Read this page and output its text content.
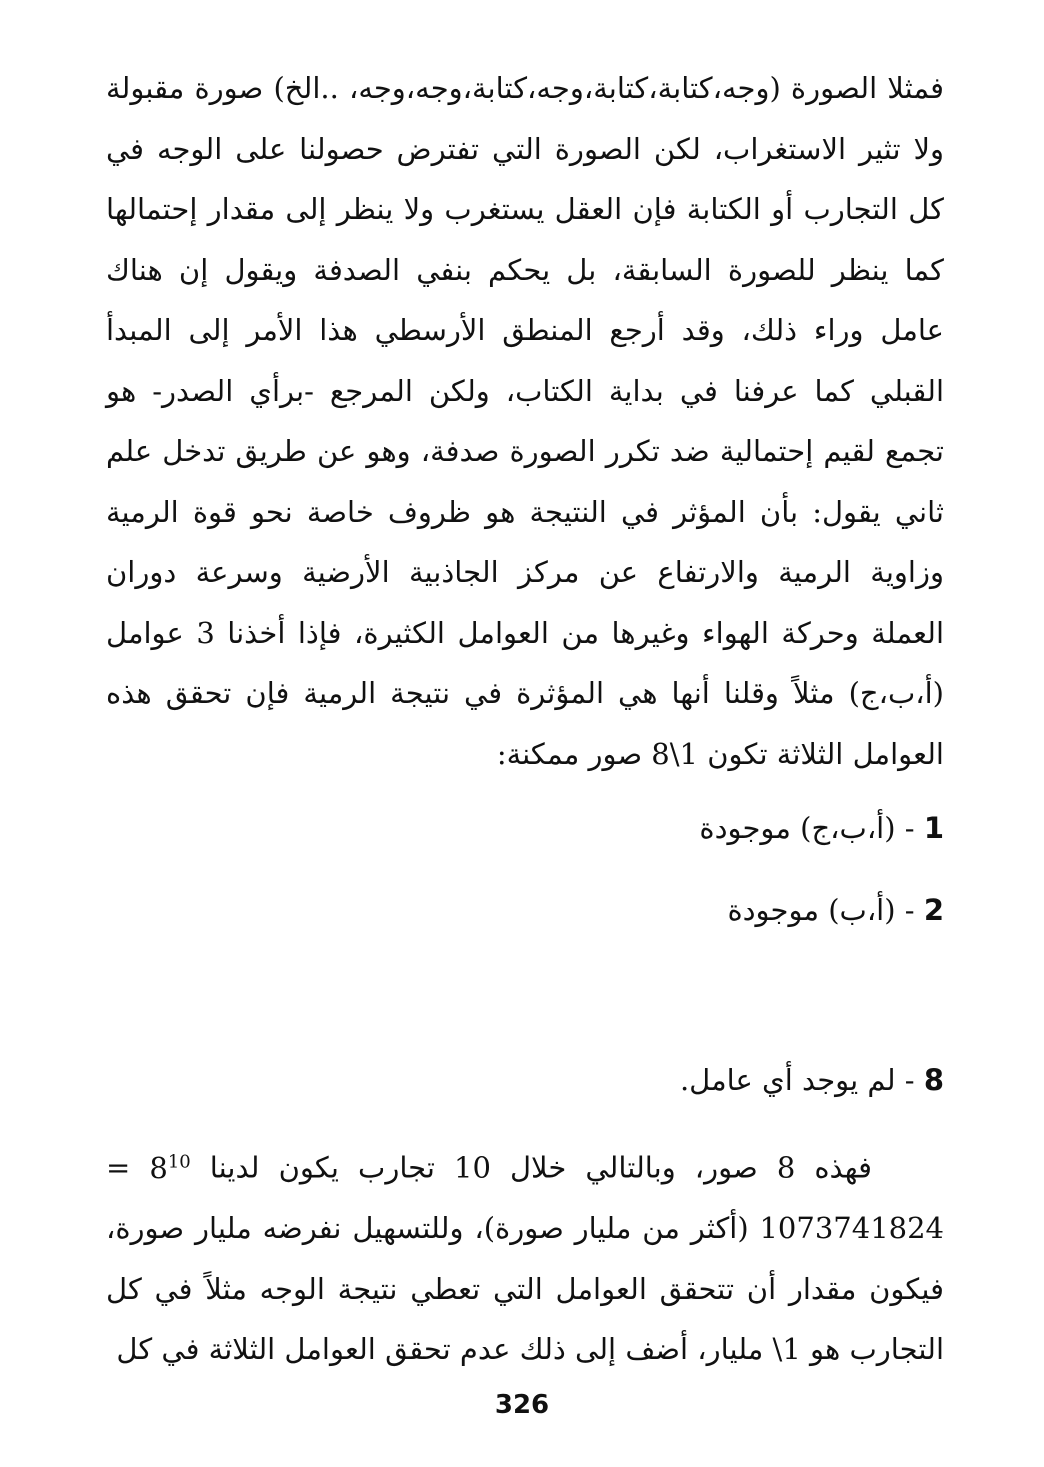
فمثلا الصورة (وجه،كتابة،كتابة،وجه،كتابة،وجه،وجه، ..الخ) صورة مقبولة ولا تثير الاستغراب، لكن الصورة التي تفترض حصولنا على الوجه في كل التجارب أو الكتابة فإن العقل يستغرب ولا ينظر إلى مقدار إحتمالها كما ينظر للصورة السابقة، بل يحكم بنفي الصدفة ويقول إن هناك عامل وراء ذلك، وقد أرجع المنطق الأرسطي هذا الأمر إلى المبدأ القبلي كما عرفنا في بداية الكتاب، ولكن المرجع -برأي الصدر- هو تجمع لقيم إحتمالية ضد تكرر الصورة صدفة، وهو عن طريق تدخل علم ثاني يقول: بأن المؤثر في النتيجة هو ظروف خاصة نحو قوة الرمية وزاوية الرمية والارتفاع عن مركز الجاذبية الأرضية وسرعة دوران العملة وحركة الهواء وغيرها من العوامل الكثيرة، فإذا أخذنا 3 عوامل (أ،ب،ج) مثلاً وقلنا أنها هي المؤثرة في نتيجة الرمية فإن تحقق هذه العوامل الثلاثة تكون 1\8 صور ممكنة:

1 - (أ،ب،ج) موجودة

2 - (أ،ب) موجودة

8 - لم يوجد أي عامل.

فهذه 8 صور، وبالتالي خلال 10 تجارب يكون لدينا $8^{10} = 1073741824$ (أكثر من مليار صورة)، وللتسهيل نفرضه مليار صورة، فيكون مقدار أن تتحقق العوامل التي تعطي نتيجة الوجه مثلاً في كل التجارب هو 1\ مليار، أضف إلى ذلك عدم تحقق العوامل الثلاثة في كل

326
